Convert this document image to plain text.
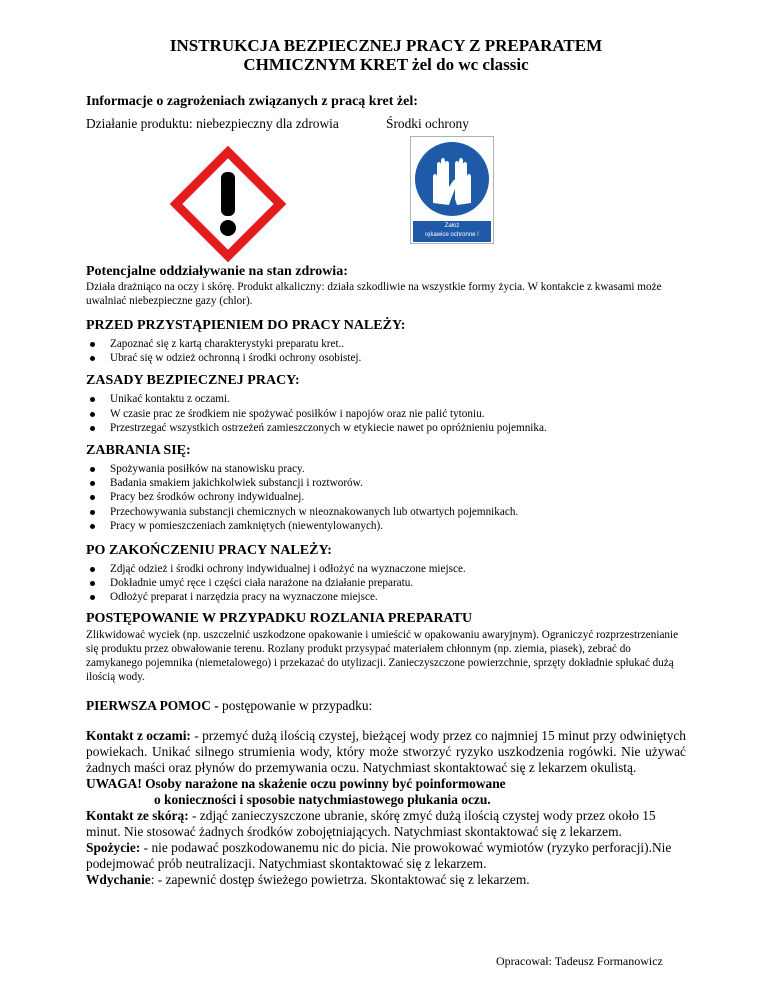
INSTRUKCJA BEZPIECZNEJ PRACY Z PREPARATEM
CHMICZNYM KRET żel do wc classic

Informacje o zagrożeniach związanych z pracą kret żel:

Działanie produktu: niebezpieczny dla zdrowia	Środki ochrony
Założ
rękawice ochronne !

Potencjalne oddziaływanie na stan zdrowia:

Działa drażniąco na oczy i skórę. Produkt alkaliczny: działa szkodliwie na wszystkie formy życia. W kontakcie z kwasami może uwalniać niebezpieczne gazy (chlor).

PRZED PRZYSTĄPIENIEM DO PRACY NALEŻY:

Zapoznać się z kartą charakterystyki preparatu kret..
Ubrać się w odzież ochronną i środki ochrony osobistej.

ZASADY BEZPIECZNEJ PRACY:

Unikać kontaktu z oczami.
W czasie prac ze środkiem nie spożywać posiłków i napojów oraz nie palić tytoniu.
Przestrzegać wszystkich ostrzeżeń zamieszczonych w etykiecie nawet po opróżnieniu pojemnika.

ZABRANIA SIĘ:

Spożywania posiłków na stanowisku pracy.
Badania smakiem jakichkolwiek substancji i roztworów.
Pracy bez środków ochrony indywidualnej.
Przechowywania substancji chemicznych w nieoznakowanych lub otwartych pojemnikach.
Pracy w pomieszczeniach zamkniętych (niewentylowanych).

PO ZAKOŃCZENIU PRACY NALEŻY:

Zdjąć odzież i środki ochrony indywidualnej i odłożyć na wyznaczone miejsce.
Dokładnie umyć ręce i części ciała narażone na działanie preparatu.
Odłożyć preparat i narzędzia pracy na wyznaczone miejsce.

POSTĘPOWANIE W PRZYPADKU ROZLANIA PREPARATU

Zlikwidować wyciek (np. uszczelnić uszkodzone opakowanie i umieścić w opakowaniu awaryjnym). Ograniczyć rozprzestrzenianie się produktu przez obwałowanie terenu. Rozlany produkt przysypać materiałem chłonnym (np. ziemia, piasek), zebrać do zamykanego pojemnika (niemetalowego) i przekazać do utylizacji. Zanieczyszczone powierzchnie, sprzęty dokładnie spłukać dużą ilością wody.
PIERWSZA POMOC - postępowanie w przypadku:
Kontakt z oczami: - przemyć dużą ilością czystej, bieżącej wody przez co najmniej 15 minut przy odwiniętych powiekach. Unikać silnego strumienia wody, który może stworzyć ryzyko uszkodzenia rogówki. Nie używać żadnych maści oraz płynów do przemywania oczu. Natychmiast skontaktować się z lekarzem okulistą.
UWAGA! Osoby narażone na skażenie oczu powinny być poinformowane
o konieczności i sposobie natychmiastowego płukania oczu.
Kontakt ze skórą: - zdjąć zanieczyszczone ubranie, skórę zmyć dużą ilością czystej wody przez około 15 minut. Nie stosować żadnych środków zobojętniających. Natychmiast skontaktować się z lekarzem.
Spożycie: - nie podawać poszkodowanemu nic do picia. Nie prowokować wymiotów (ryzyko perforacji).Nie podejmować prób neutralizacji. Natychmiast skontaktować się z lekarzem.
Wdychanie: - zapewnić dostęp świeżego powietrza. Skontaktować się z lekarzem.
Opracował: Tadeusz Formanowicz
